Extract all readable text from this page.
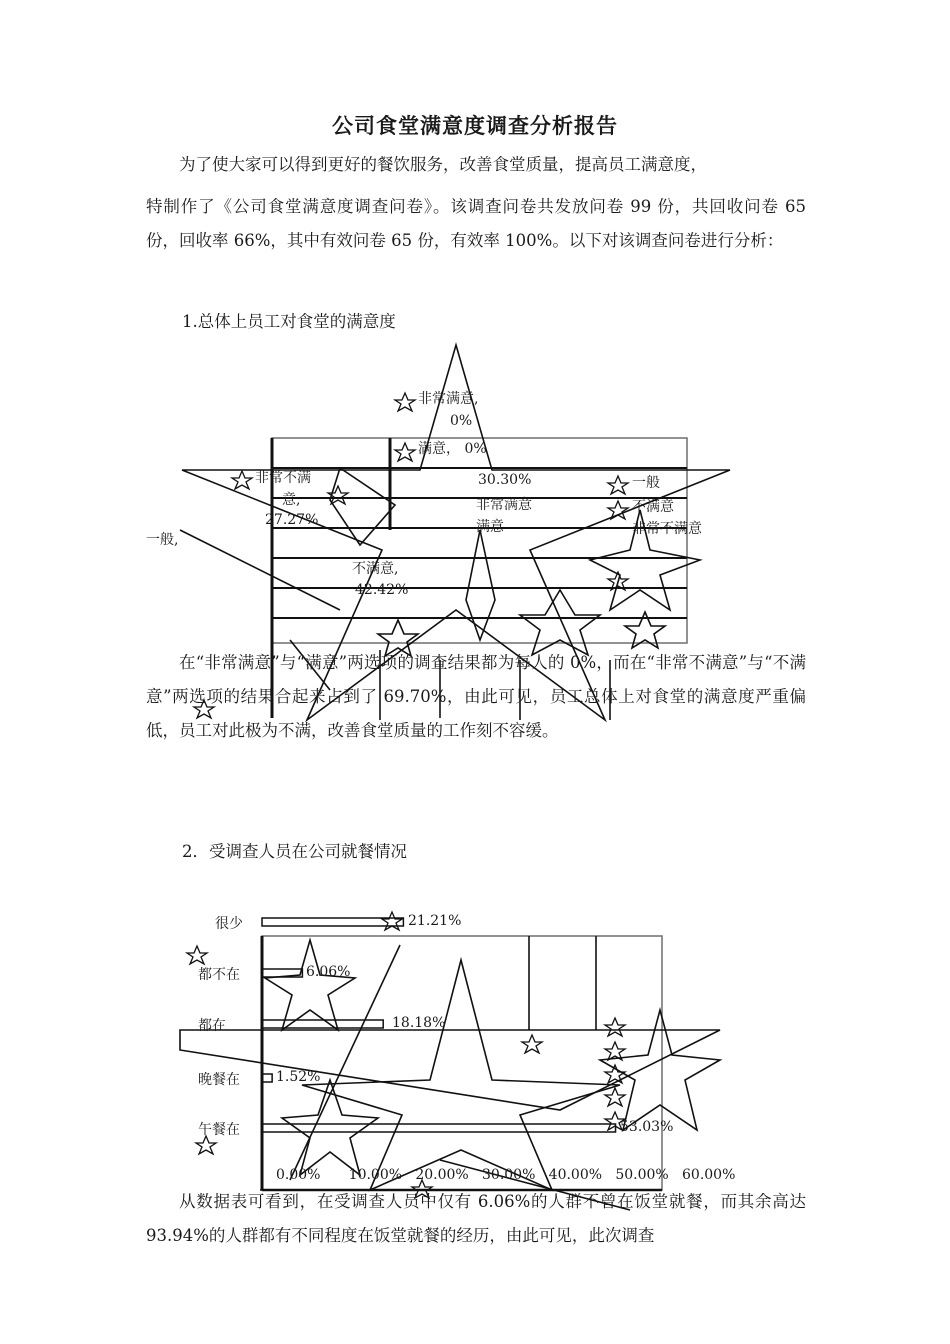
公司食堂满意度调查分析报告

为了使大家可以得到更好的餐饮服务，改善食堂质量，提高员工满意度，

特制作了《公司食堂满意度调查问卷》。该调查问卷共发放问卷 99 份，共回收问卷 65 份，回收率 66%，其中有效问卷 65 份，有效率 100%。以下对该调查问卷进行分析：

1.总体上员工对食堂的满意度
非常满意,
0%
满意， 0%
非常不满
意,
27.27%
一般,
30.30%
非常满意
满意
不满意,
42.42%
一般
不满意
非常不满意

在“非常满意”与“满意”两选项的调查结果都为每人的 0%，而在“非常不满意”与“不满意”两选项的结果合起来占到了 69.70%，由此可见，员工总体上对食堂的满意度严重偏低，员工对此极为不满，改善食堂质量的工作刻不容缓。

2．受调查人员在公司就餐情况
很少	21.21%
都不在	6.06%
都在	18.18%
晚餐在	1.52%
午餐在	53.03%
0.00% 10.00% 20.00% 30.00% 40.00% 50.00% 60.00%

从数据表可看到，在受调查人员中仅有 6.06%的人群不曾在饭堂就餐，而其余高达 93.94%的人群都有不同程度在饭堂就餐的经历，由此可见，此次调查
